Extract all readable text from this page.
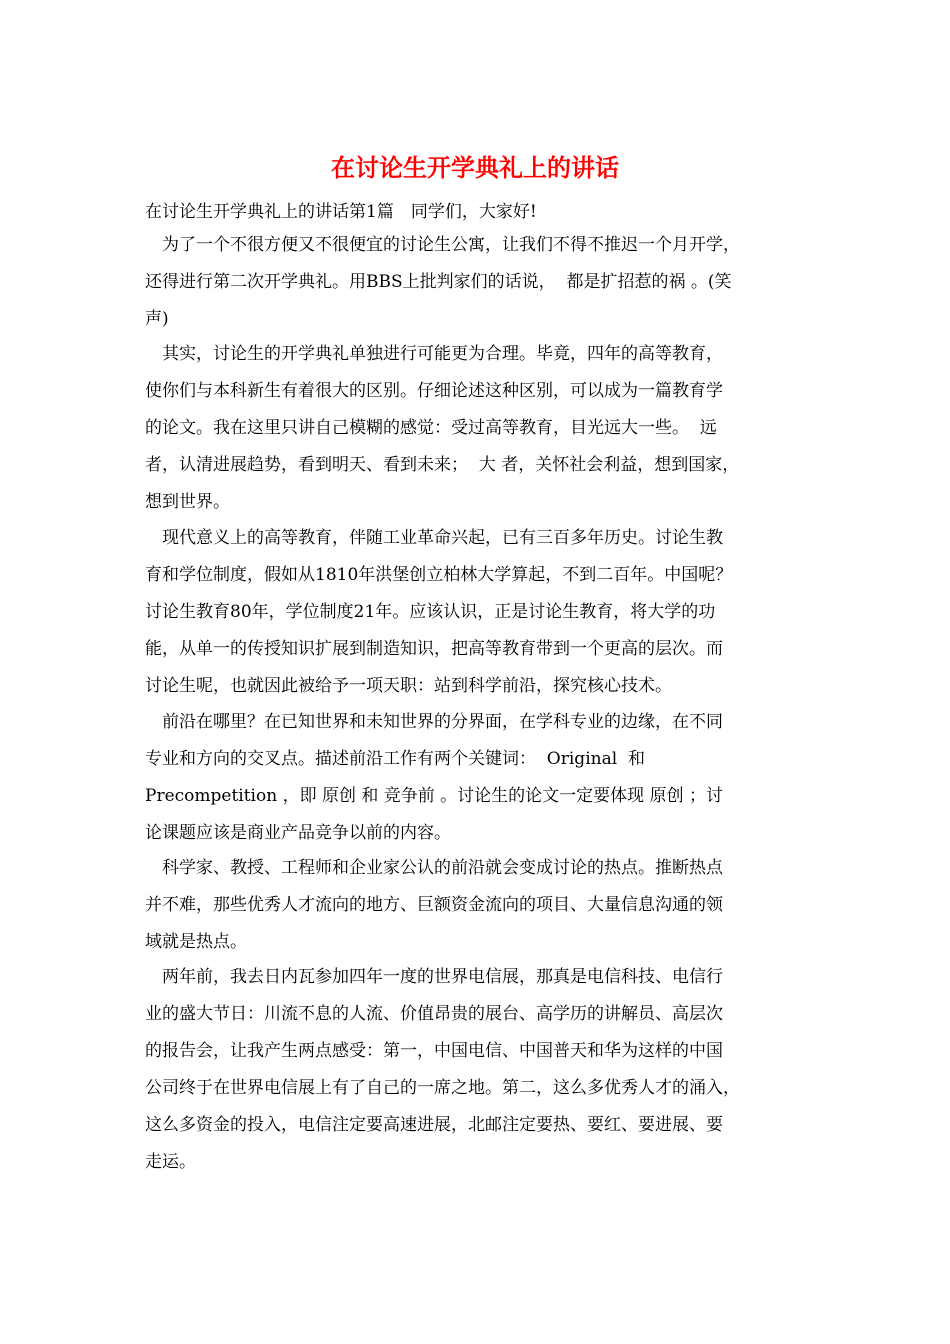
在讨论生开学典礼上的讲话
在讨论生开学典礼上的讲话第1篇　同学们，大家好!
　为了一个不很方便又不很便宜的讨论生公寓，让我们不得不推迟一个月开学，
还得进行第二次开学典礼。用BBS上批判家们的话说，  都是扩招惹的祸 。(笑
声)
　其实，讨论生的开学典礼单独进行可能更为合理。毕竟，四年的高等教育，
使你们与本科新生有着很大的区别。仔细论述这种区别，可以成为一篇教育学
的论文。我在这里只讲自己模糊的感觉：受过高等教育，目光远大一些。  远
者，认清进展趋势，看到明天、看到未来；  大 者，关怀社会利益，想到国家，
想到世界。
　现代意义上的高等教育，伴随工业革命兴起，已有三百多年历史。讨论生教
育和学位制度，假如从1810年洪堡创立柏林大学算起，不到二百年。中国呢？
讨论生教育80年，学位制度21年。应该认识，正是讨论生教育，将大学的功
能，从单一的传授知识扩展到制造知识，把高等教育带到一个更高的层次。而
讨论生呢，也就因此被给予一项天职：站到科学前沿，探究核心技术。
　前沿在哪里？在已知世界和未知世界的分界面，在学科专业的边缘，在不同
专业和方向的交叉点。描述前沿工作有两个关键词：  Original  和
Precompetition ，即 原创 和 竞争前 。讨论生的论文一定要体现 原创 ；讨
论课题应该是商业产品竞争以前的内容。
　科学家、教授、工程师和企业家公认的前沿就会变成讨论的热点。推断热点
并不难，那些优秀人才流向的地方、巨额资金流向的项目、大量信息沟通的领
域就是热点。
　两年前，我去日内瓦参加四年一度的世界电信展，那真是电信科技、电信行
业的盛大节日：川流不息的人流、价值昂贵的展台、高学历的讲解员、高层次
的报告会，让我产生两点感受：第一，中国电信、中国普天和华为这样的中国
公司终于在世界电信展上有了自己的一席之地。第二，这么多优秀人才的涌入，
这么多资金的投入，电信注定要高速进展，北邮注定要热、要红、要进展、要
走运。
